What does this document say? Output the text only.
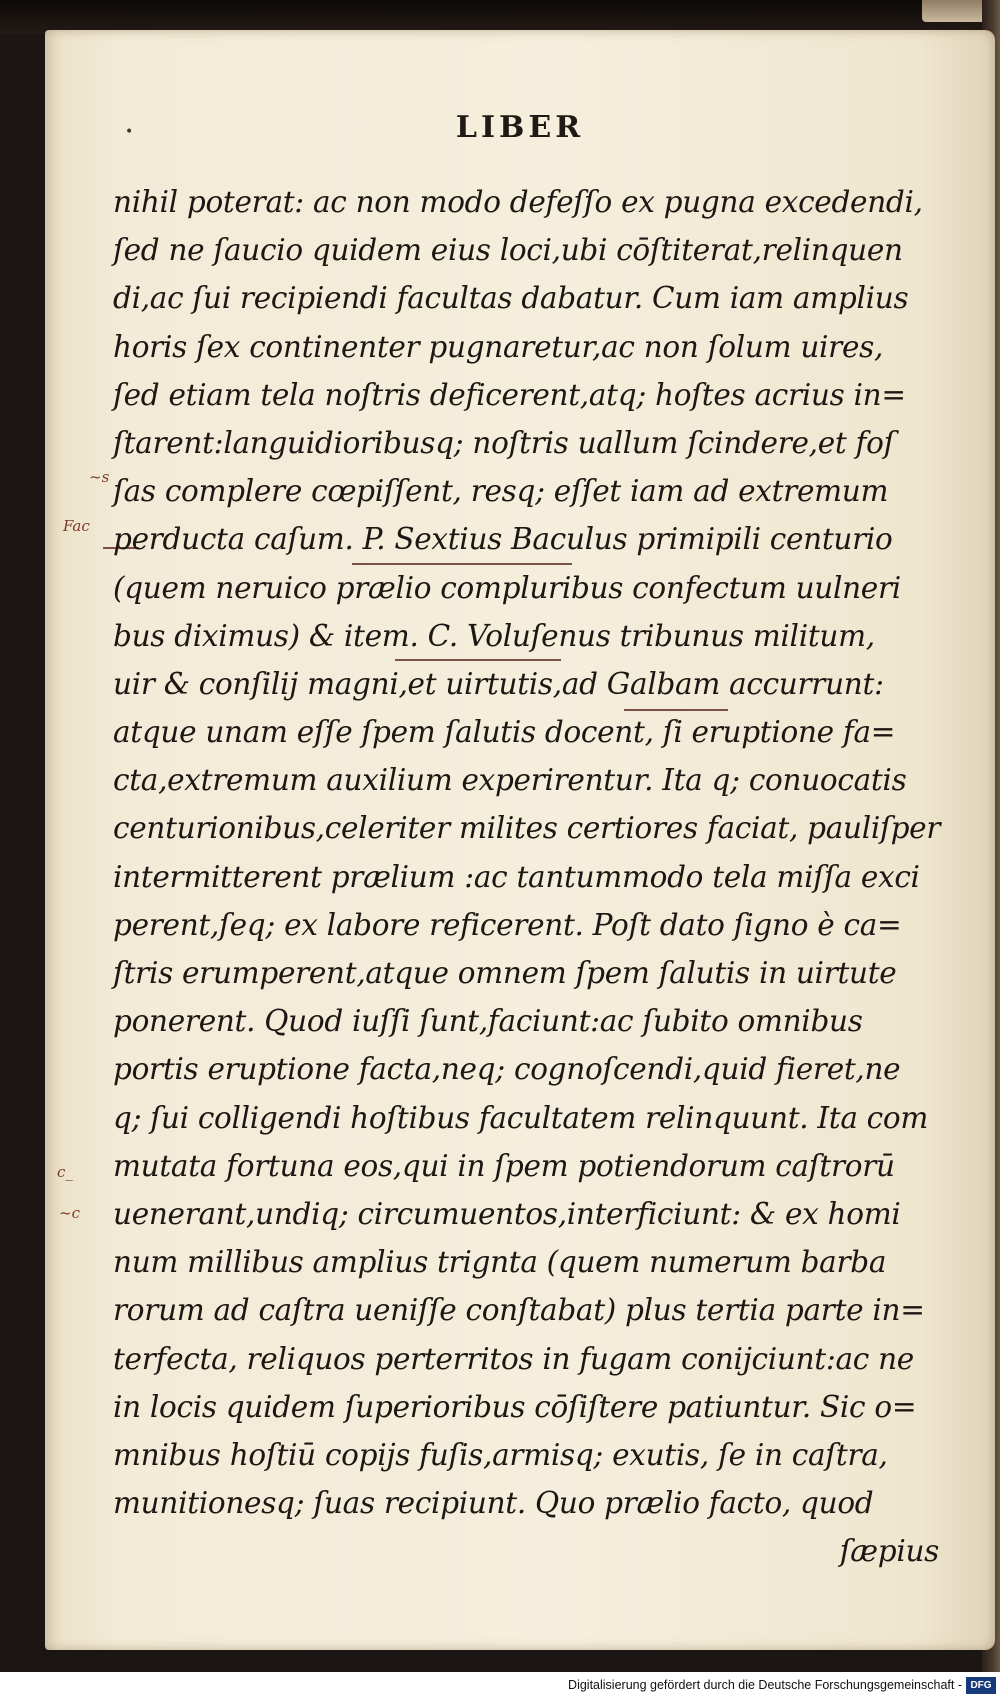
•	LIBER
~s
Fac
c_
~c
nihil poterat: ac non modo defeſſo ex pugna excedendi,
ſed ne ſaucio quidem eius loci,ubi cōſtiterat,relinquen
di,ac ſui recipiendi facultas dabatur. Cum iam amplius
horis ſex continenter pugnaretur,ac non ſolum uires,
ſed etiam tela noſtris deficerent,atq; hoſtes acrius in=
ſtarent:languidioribusq; noſtris uallum ſcindere,et foſ
ſas complere cœpiſſent, resq; eſſet iam ad extremum
perducta caſum. P. Sextius Baculus primipili centurio
(quem neruico prælio compluribus confectum uulneri
bus diximus) & item. C. Voluſenus tribunus militum,
uir & conſilij magni,et uirtutis,ad Galbam accurrunt:
atque unam eſſe ſpem ſalutis docent, ſi eruptione fa=
cta,extremum auxilium experirentur. Ita q; conuocatis
centurionibus,celeriter milites certiores faciat, pauliſper
intermitterent prælium :ac tantummodo tela miſſa exci
perent,ſeq; ex labore reficerent. Poſt dato ſigno è ca=
ſtris erumperent,atque omnem ſpem ſalutis in uirtute
ponerent. Quod iuſſi ſunt,faciunt:ac ſubito omnibus
portis eruptione facta,neq; cognoſcendi,quid fieret,ne
q; ſui colligendi hoſtibus facultatem relinquunt. Ita com
mutata fortuna eos,qui in ſpem potiendorum caſtrorū
uenerant,undiq; circumuentos,interficiunt: & ex homi
num millibus amplius trignta (quem numerum barba
rorum ad caſtra ueniſſe conſtabat) plus tertia parte in=
terfecta, reliquos perterritos in fugam conijciunt:ac ne
in locis quidem ſuperioribus cōſiſtere patiuntur. Sic o=
mnibus hoſtiū copijs fuſis,armisq; exutis, ſe in caſtra,
munitionesq; ſuas recipiunt. Quo prælio facto, quod
ſæpius
Digitalisierung gefördert durch die Deutsche Forschungsgemeinschaft - DFG
